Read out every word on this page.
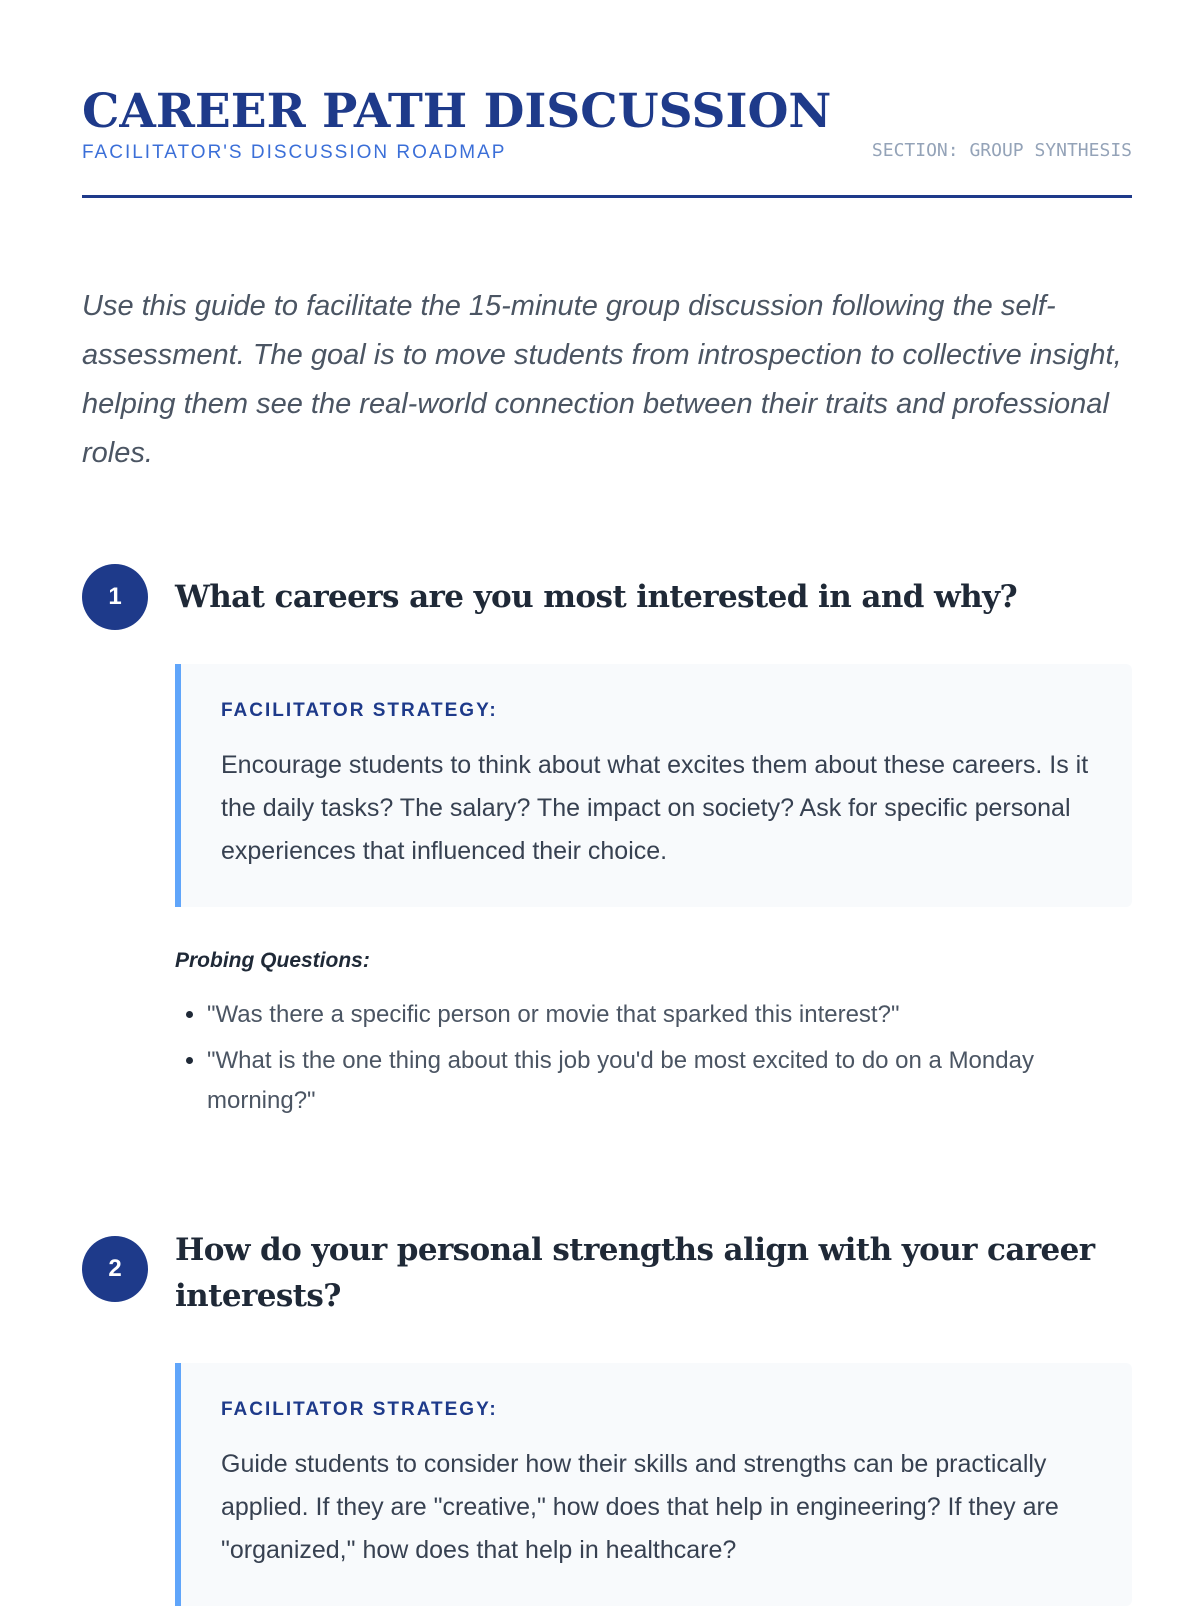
CAREER PATH DISCUSSION
FACILITATOR'S DISCUSSION ROADMAP	SECTION: GROUP SYNTHESIS

Use this guide to facilitate the 15-minute group discussion following the self-assessment. The goal is to move students from introspection to collective insight, helping them see the real-world connection between their traits and professional roles.

1	What careers are you most interested in and why?
FACILITATOR STRATEGY:
Encourage students to think about what excites them about these careers. Is it the daily tasks? The salary? The impact on society? Ask for specific personal experiences that influenced their choice.
Probing Questions:
• "Was there a specific person or movie that sparked this interest?"
• "What is the one thing about this job you'd be most excited to do on a Monday morning?"
2
How do your personal strengths align with your career interests?
FACILITATOR STRATEGY:
Guide students to consider how their skills and strengths can be practically applied. If they are "creative," how does that help in engineering? If they are "organized," how does that help in healthcare?
